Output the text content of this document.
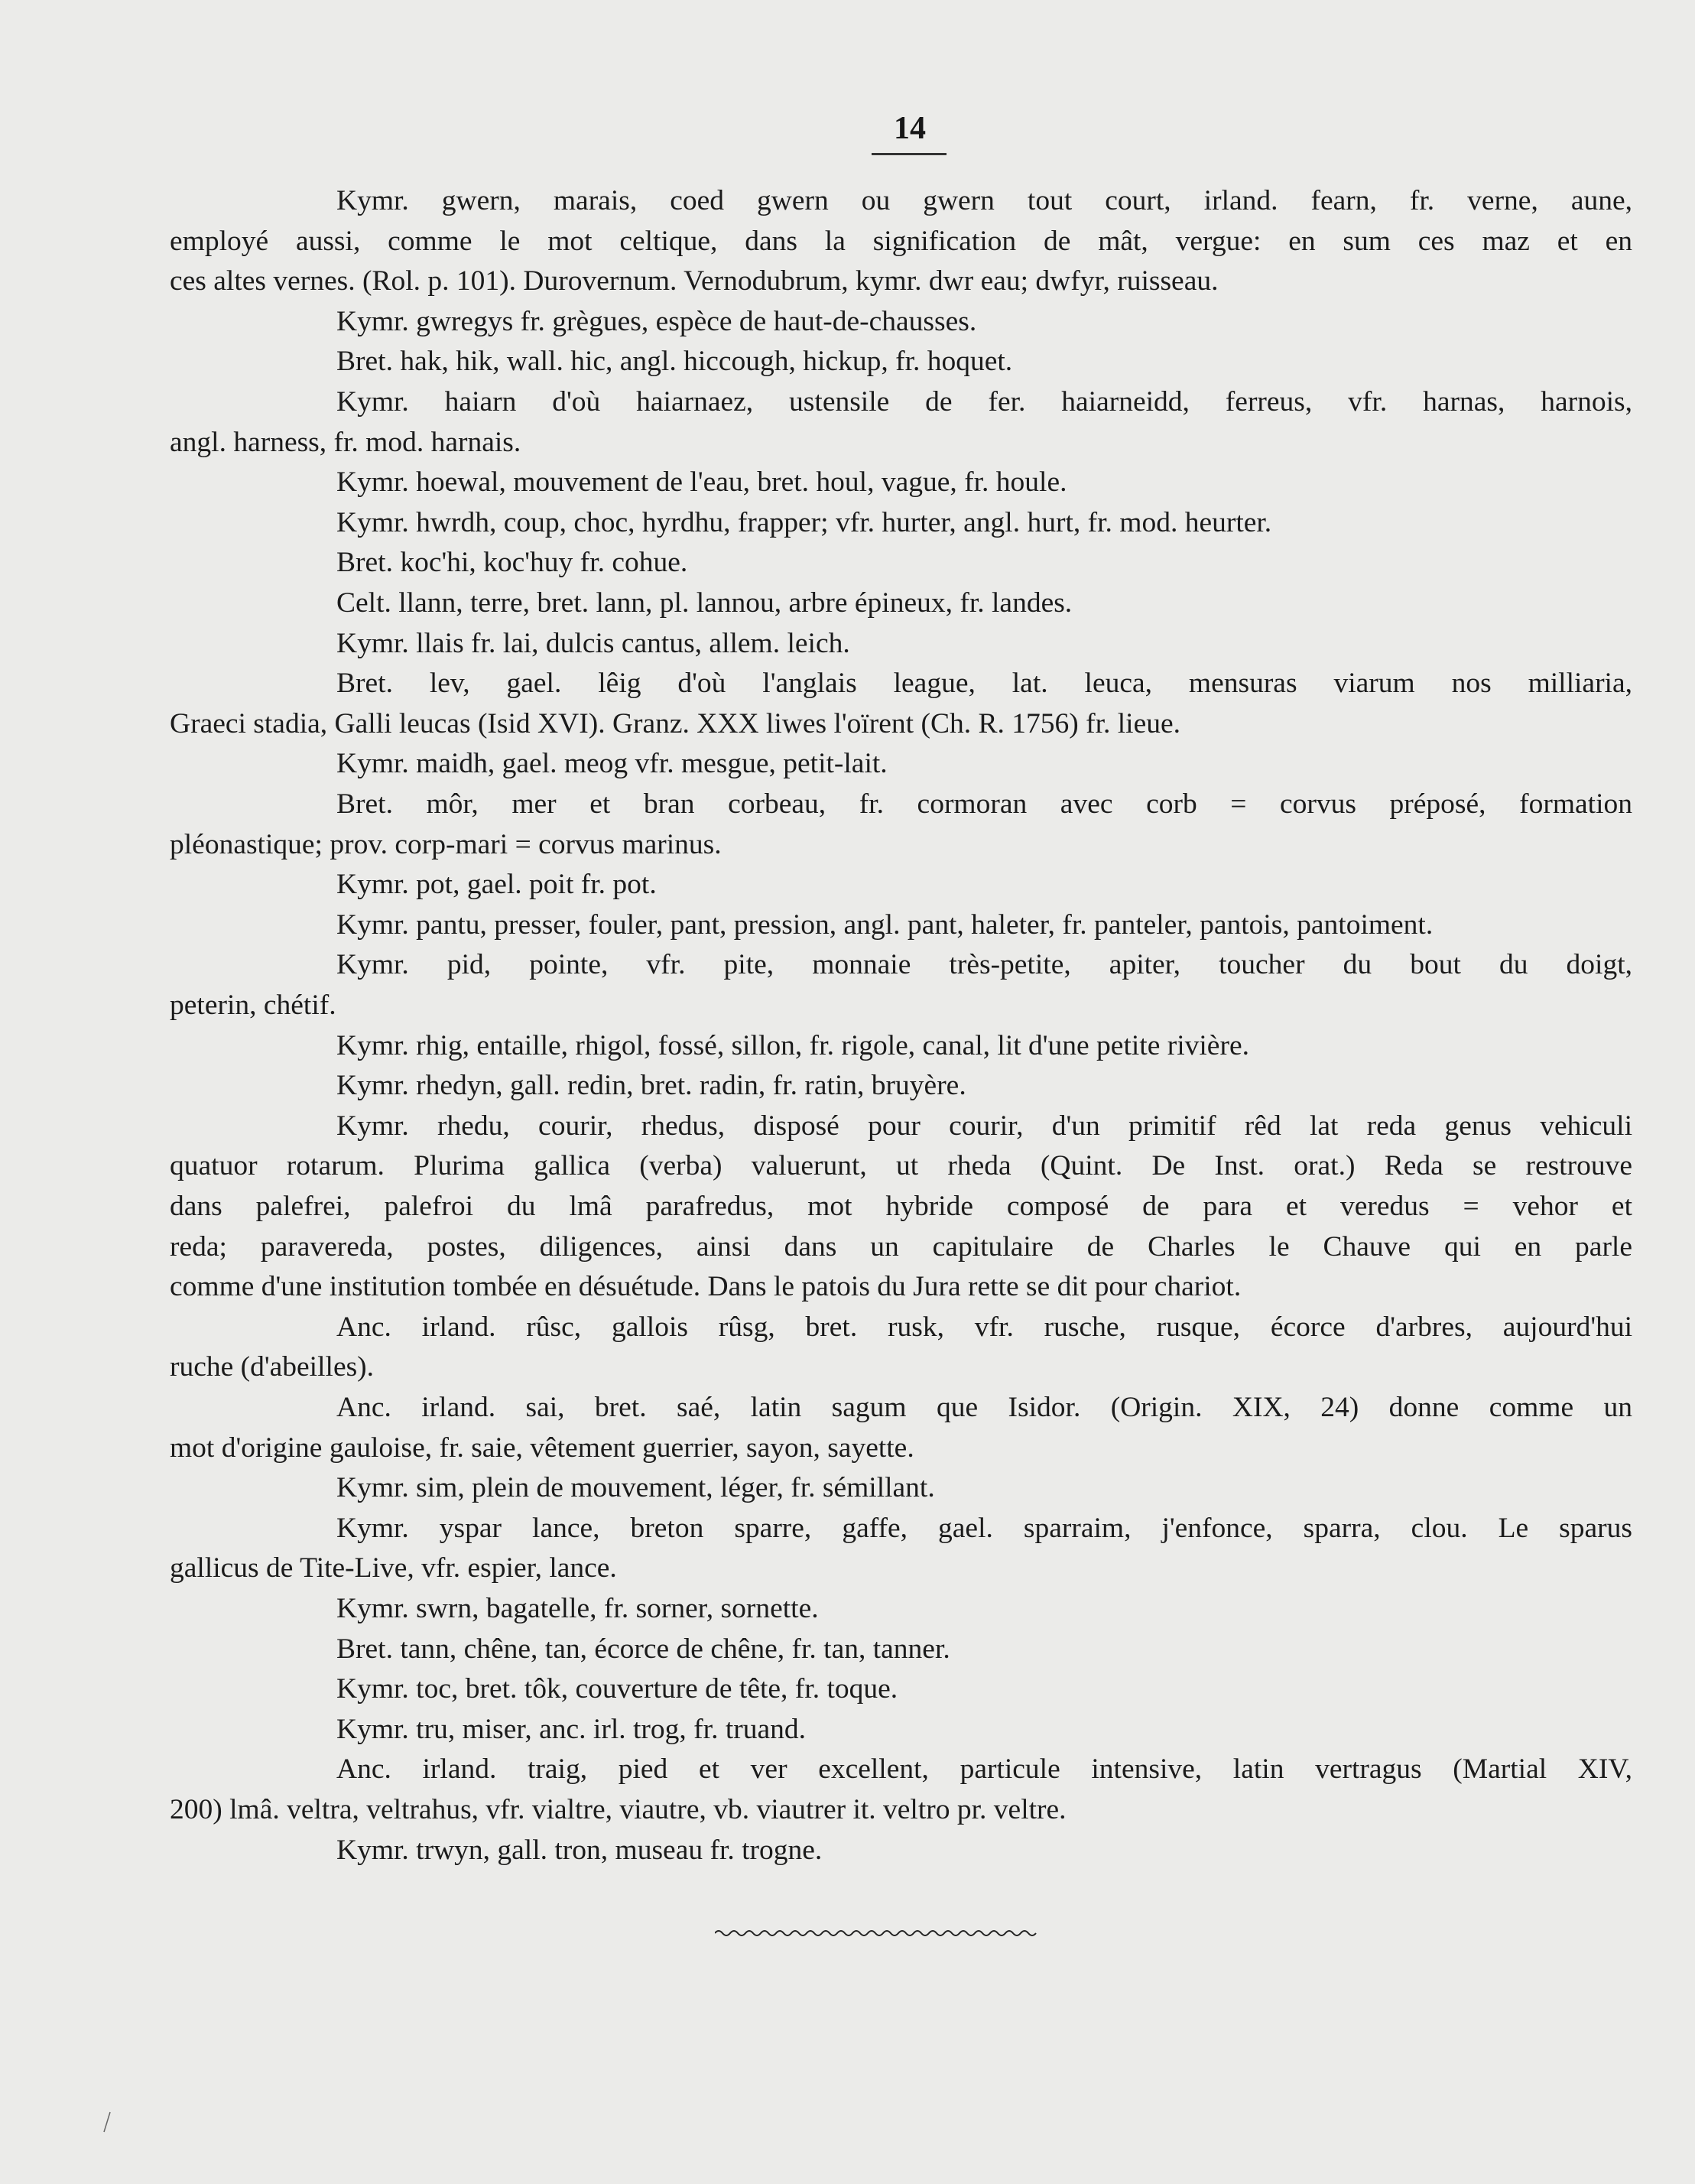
14
Kymr. gwern, marais, coed gwern ou gwern tout court, irland. fearn, fr. verne, aune,
employé aussi, comme le mot celtique, dans la signification de mât, vergue: en sum ces maz et en
ces altes vernes. (Rol. p. 101). Durovernum. Vernodubrum, kymr. dwr eau; dwfyr, ruisseau.
Kymr. gwregys fr. grègues, espèce de haut-de-chausses.
Bret. hak, hik, wall. hic, angl. hiccough, hickup, fr. hoquet.
Kymr. haiarn d'où haiarnaez, ustensile de fer. haiarneidd, ferreus, vfr. harnas, harnois,
angl. harness, fr. mod. harnais.
Kymr. hoewal, mouvement de l'eau, bret. houl, vague, fr. houle.
Kymr. hwrdh, coup, choc, hyrdhu, frapper; vfr. hurter, angl. hurt, fr. mod. heurter.
Bret. koc'hi, koc'huy fr. cohue.
Celt. llann, terre, bret. lann, pl. lannou, arbre épineux, fr. landes.
Kymr. llais fr. lai, dulcis cantus, allem. leich.
Bret. lev, gael. lêig d'où l'anglais league, lat. leuca, mensuras viarum nos milliaria,
Graeci stadia, Galli leucas (Isid XVI). Granz. XXX liwes l'oïrent (Ch. R. 1756) fr. lieue.
Kymr. maidh, gael. meog vfr. mesgue, petit-lait.
Bret. môr, mer et bran corbeau, fr. cormoran avec corb = corvus préposé, formation
pléonastique; prov. corp-mari = corvus marinus.
Kymr. pot, gael. poit fr. pot.
Kymr. pantu, presser, fouler, pant, pression, angl. pant, haleter, fr. panteler, pantois, pantoiment.
Kymr. pid, pointe, vfr. pite, monnaie très-petite, apiter, toucher du bout du doigt,
peterin, chétif.
Kymr. rhig, entaille, rhigol, fossé, sillon, fr. rigole, canal, lit d'une petite rivière.
Kymr. rhedyn, gall. redin, bret. radin, fr. ratin, bruyère.
Kymr. rhedu, courir, rhedus, disposé pour courir, d'un primitif rêd lat reda genus vehiculi
quatuor rotarum. Plurima gallica (verba) valuerunt, ut rheda (Quint. De Inst. orat.) Reda se restrouve
dans palefrei, palefroi du lmâ parafredus, mot hybride composé de para et veredus = vehor et
reda; paravereda, postes, diligences, ainsi dans un capitulaire de Charles le Chauve qui en parle
comme d'une institution tombée en désuétude. Dans le patois du Jura rette se dit pour chariot.
Anc. irland. rûsc, gallois rûsg, bret. rusk, vfr. rusche, rusque, écorce d'arbres, aujourd'hui
ruche (d'abeilles).
Anc. irland. sai, bret. saé, latin sagum que Isidor. (Origin. XIX, 24) donne comme un
mot d'origine gauloise, fr. saie, vêtement guerrier, sayon, sayette.
Kymr. sim, plein de mouvement, léger, fr. sémillant.
Kymr. yspar lance, breton sparre, gaffe, gael. sparraim, j'enfonce, sparra, clou. Le sparus
gallicus de Tite-Live, vfr. espier, lance.
Kymr. swrn, bagatelle, fr. sorner, sornette.
Bret. tann, chêne, tan, écorce de chêne, fr. tan, tanner.
Kymr. toc, bret. tôk, couverture de tête, fr. toque.
Kymr. tru, miser, anc. irl. trog, fr. truand.
Anc. irland. traig, pied et ver excellent, particule intensive, latin vertragus (Martial XIV,
200) lmâ. veltra, veltrahus, vfr. vialtre, viautre, vb. viautrer it. veltro pr. veltre.
Kymr. trwyn, gall. tron, museau fr. trogne.
